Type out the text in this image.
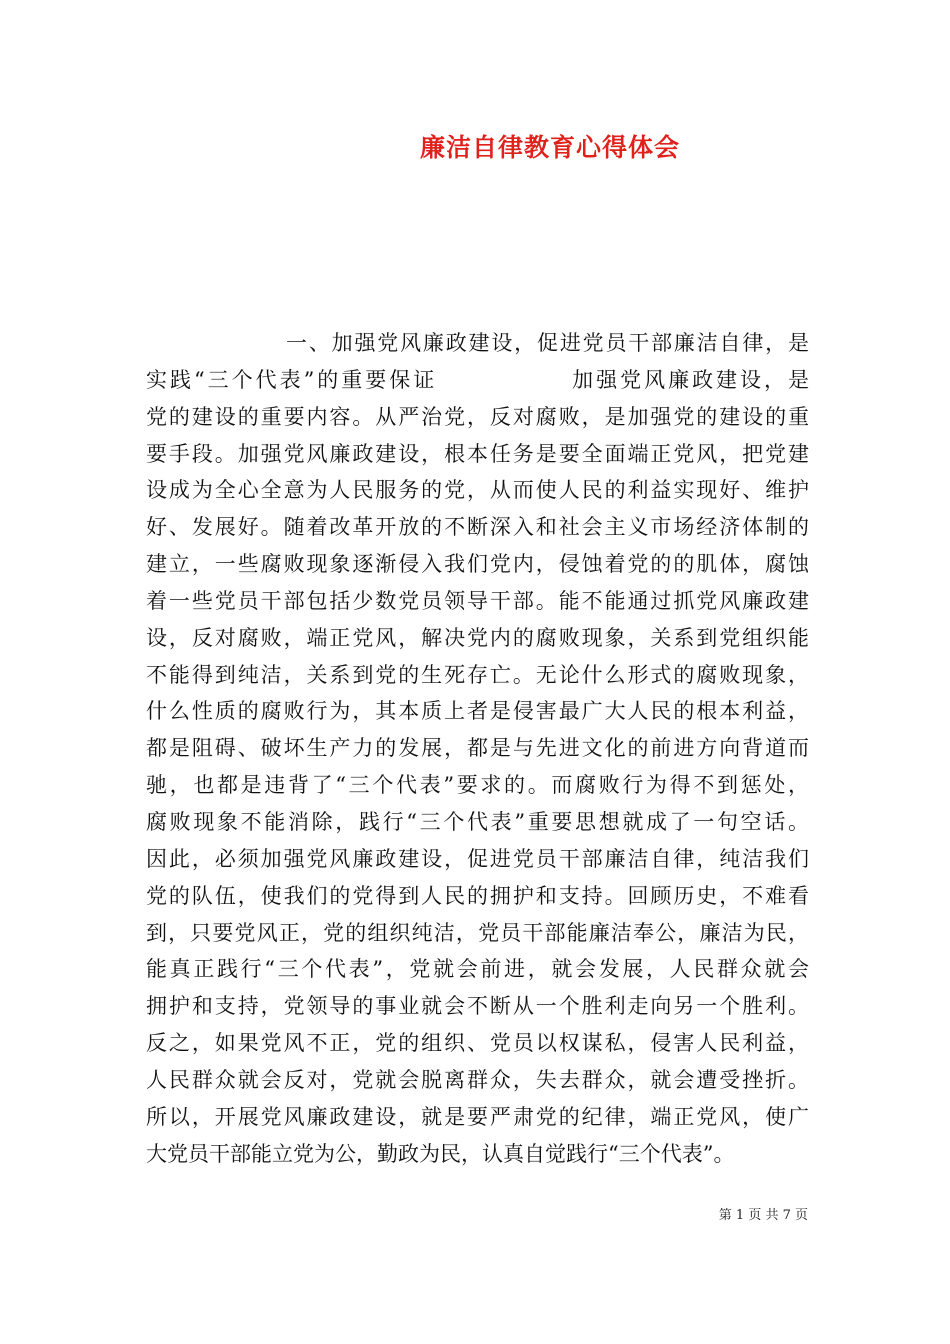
廉洁自律教育心得体会
一、加强党风廉政建设，促进党员干部廉洁自律，是
实践“三个代表”的重要保证	加强党风廉政建设，是
党的建设的重要内容。从严治党，反对腐败，是加强党的建设的重
要手段。加强党风廉政建设，根本任务是要全面端正党风，把党建
设成为全心全意为人民服务的党，从而使人民的利益实现好、维护
好、发展好。随着改革开放的不断深入和社会主义市场经济体制的
建立，一些腐败现象逐渐侵入我们党内，侵蚀着党的的肌体，腐蚀
着一些党员干部包括少数党员领导干部。能不能通过抓党风廉政建
设，反对腐败，端正党风，解决党内的腐败现象，关系到党组织能
不能得到纯洁，关系到党的生死存亡。无论什么形式的腐败现象，
什么性质的腐败行为，其本质上者是侵害最广大人民的根本利益，
都是阻碍、破坏生产力的发展，都是与先进文化的前进方向背道而
驰，也都是违背了“三个代表”要求的。而腐败行为得不到惩处，
腐败现象不能消除，践行“三个代表”重要思想就成了一句空话。
因此，必须加强党风廉政建设，促进党员干部廉洁自律，纯洁我们
党的队伍，使我们的党得到人民的拥护和支持。回顾历史，不难看
到，只要党风正，党的组织纯洁，党员干部能廉洁奉公，廉洁为民，
能真正践行“三个代表”，党就会前进，就会发展，人民群众就会
拥护和支持，党领导的事业就会不断从一个胜利走向另一个胜利。
反之，如果党风不正，党的组织、党员以权谋私，侵害人民利益，
人民群众就会反对，党就会脱离群众，失去群众，就会遭受挫折。
所以，开展党风廉政建设，就是要严肃党的纪律，端正党风，使广
大党员干部能立党为公，勤政为民，认真自觉践行“三个代表”。
第 1 页 共 7 页
